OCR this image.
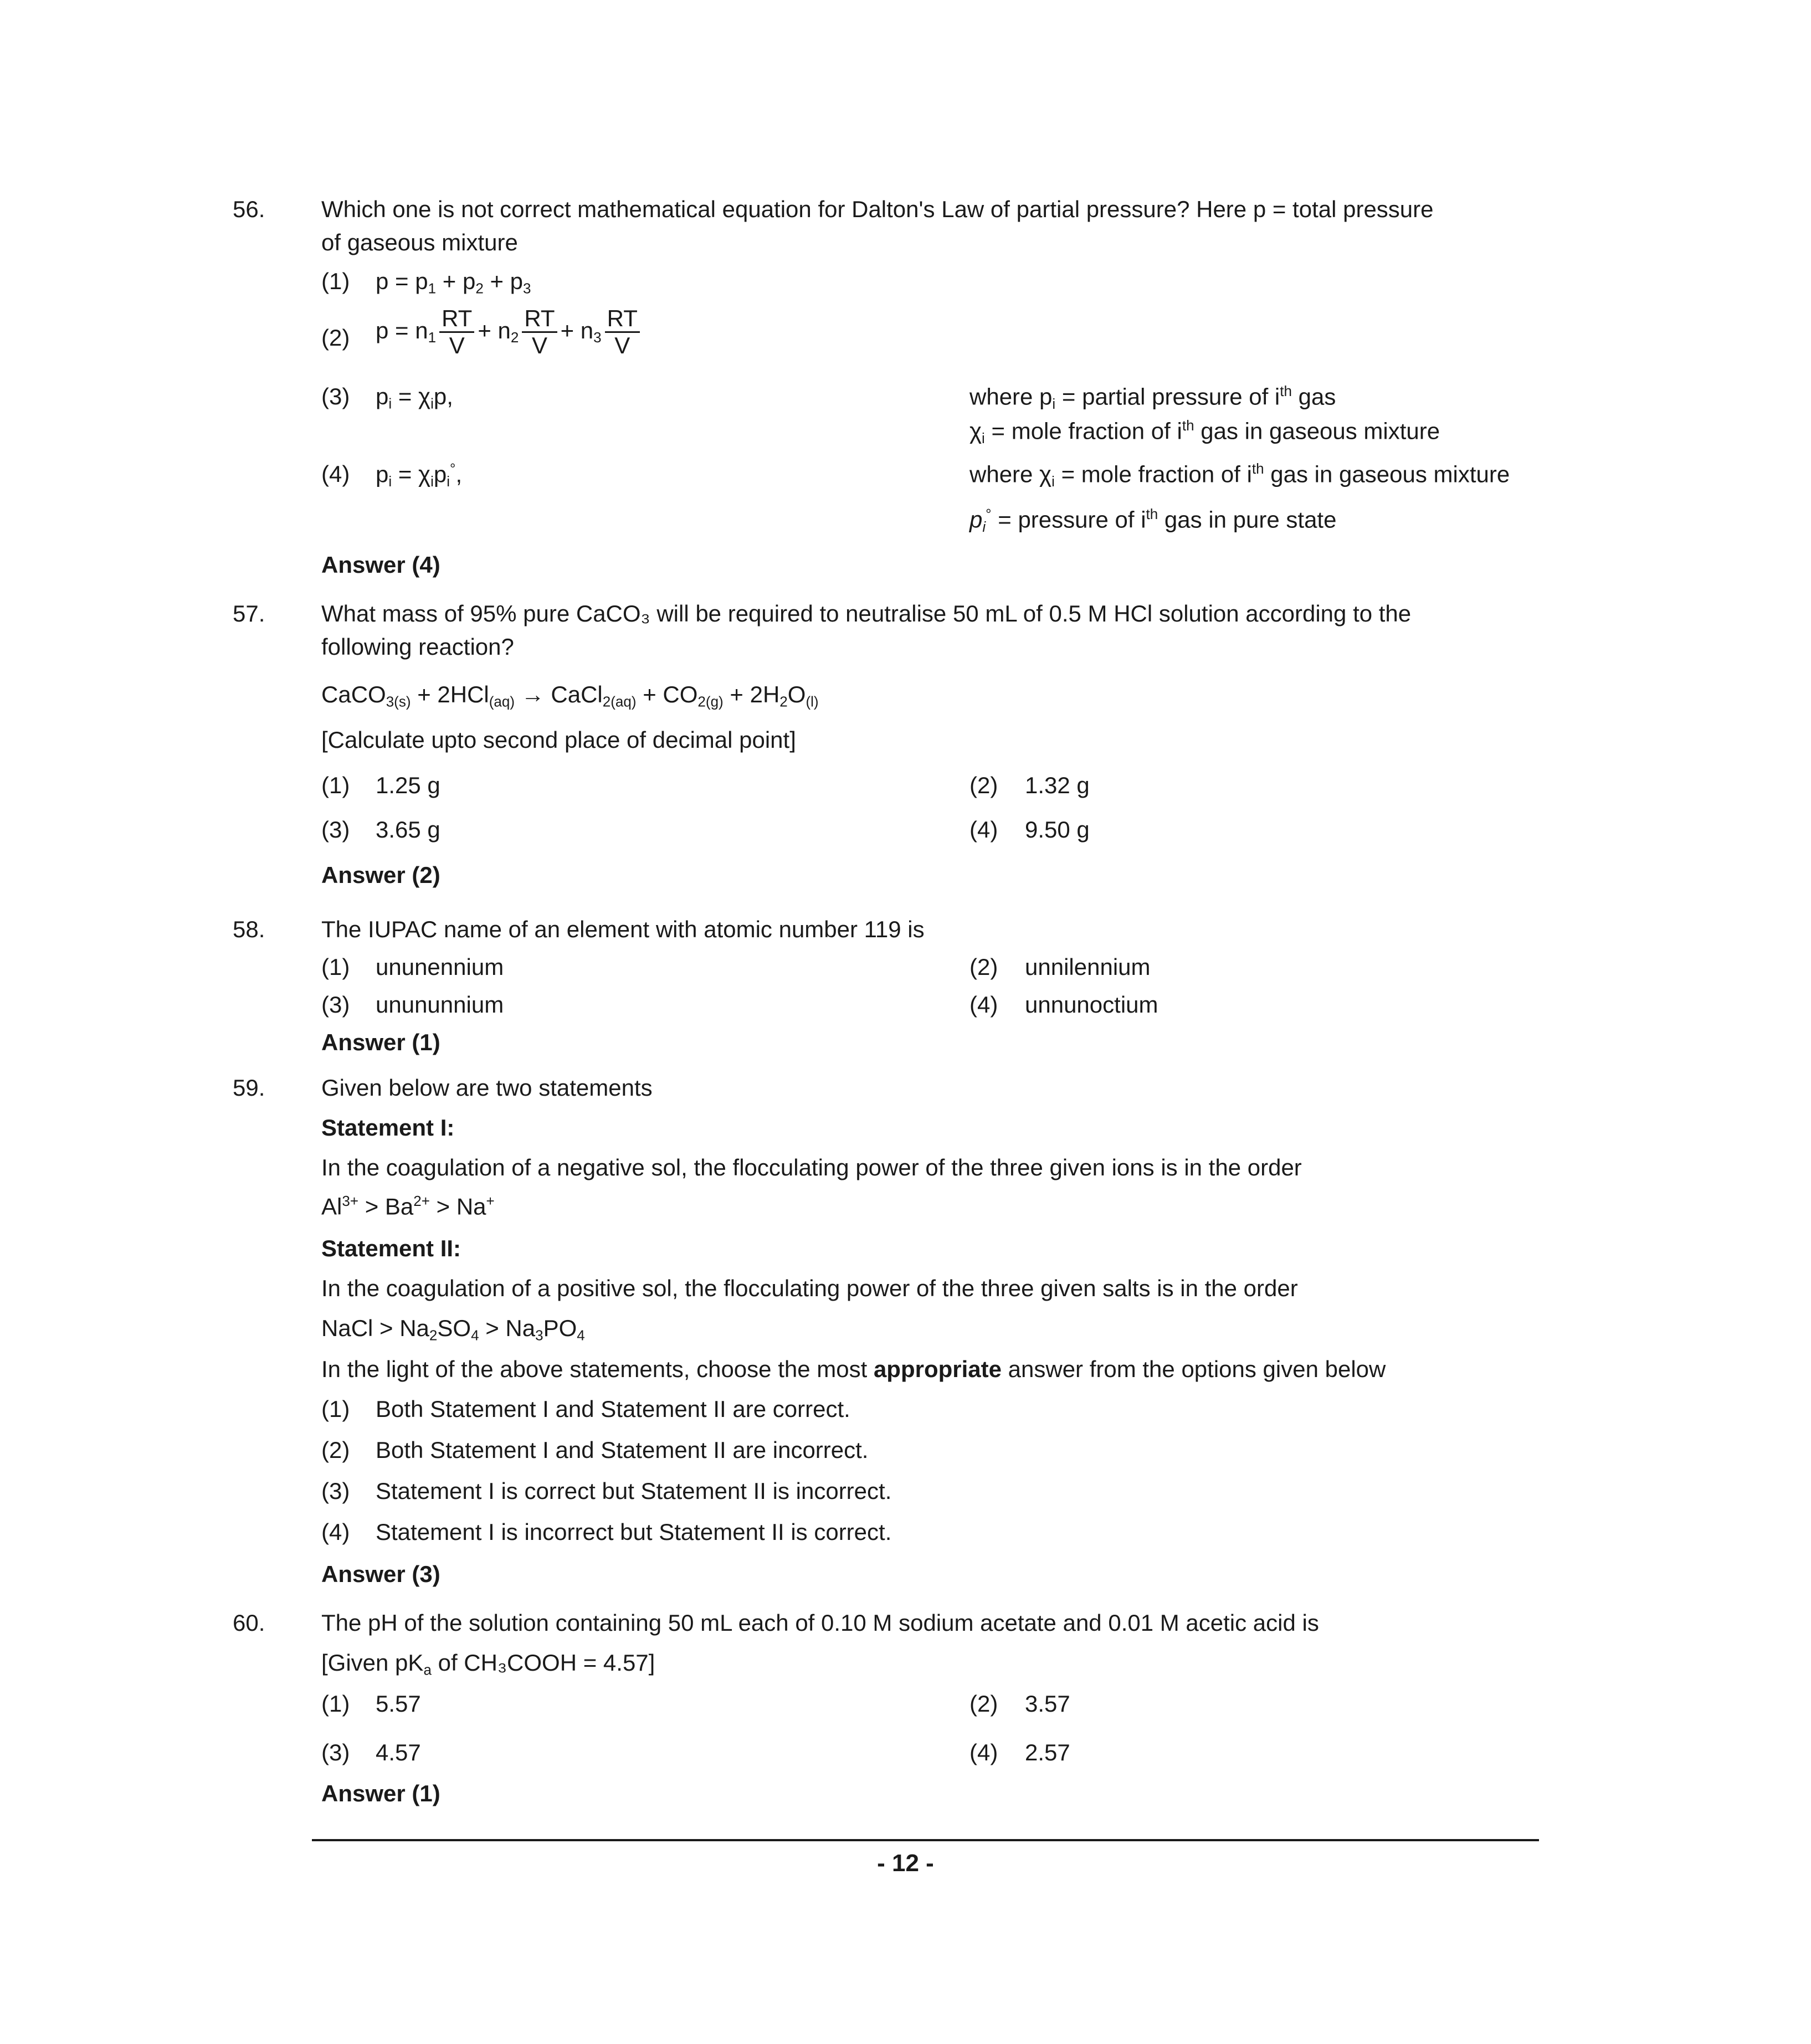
56. Which one is not correct mathematical equation for Dalton's Law of partial pressure? Here p = total pressure
of gaseous mixture
(1) $p = p_1 + p_2 + p_3$
(2) $p = n_1 \frac{RT}{V} + n_2 \frac{RT}{V} + n_3 \frac{RT}{V}$
(3) $p_i = \chi_ip$,	where $p_i$ = partial pressure of $i^{th}$ gas
$\chi_i$ = mole fraction of $i^{th}$ gas in gaseous mixture
(4) $p_i = \chi_ip_i^\circ$,	where $\chi_i$ = mole fraction of $i^{th}$ gas in gaseous mixture
$p_i^\circ$ = pressure of $i^{th}$ gas in pure state
Answer (4)
57. What mass of 95% pure CaCO₃ will be required to neutralise 50 mL of 0.5 M HCl solution according to the
following reaction?
CaCO$_{3(s)}$ + 2HCl$_{(aq)}$ → CaCl$_{2(aq)}$ + $CO_{2(g)} + 2H_2O_{(l)}$
[Calculate upto second place of decimal point]
(1) 1.25 g	(2) 1.32 g
(3) 3.65 g	(4) 9.50 g
Answer (2)
58. The IUPAC name of an element with atomic number 119 is
(1) ununennium	(2) unnilennium
(3) unununnium	(4) unnunoctium
Answer (1)
59. Given below are two statements
Statement I:
In the coagulation of a negative sol, the flocculating power of the three given ions is in the order
$Al^{3+} > Ba^{2+} > Na^+$
Statement II:
In the coagulation of a positive sol, the flocculating power of the three given salts is in the order
NaCl > $Na_2SO_4 > Na_3PO_4$
In the light of the above statements, choose the most appropriate answer from the options given below
(1) Both Statement I and Statement II are correct.
(2) Both Statement I and Statement II are incorrect.
(3) Statement I is correct but Statement II is incorrect.
(4) Statement I is incorrect but Statement II is correct.
Answer (3)
60. The pH of the solution containing 50 mL each of 0.10 M sodium acetate and 0.01 M acetic acid is
[Given $pK_a$ of CH₃COOH = 4.57]
(1) 5.57	(2) 3.57
(3) 4.57	(4) 2.57
Answer (1)
- 12 -
